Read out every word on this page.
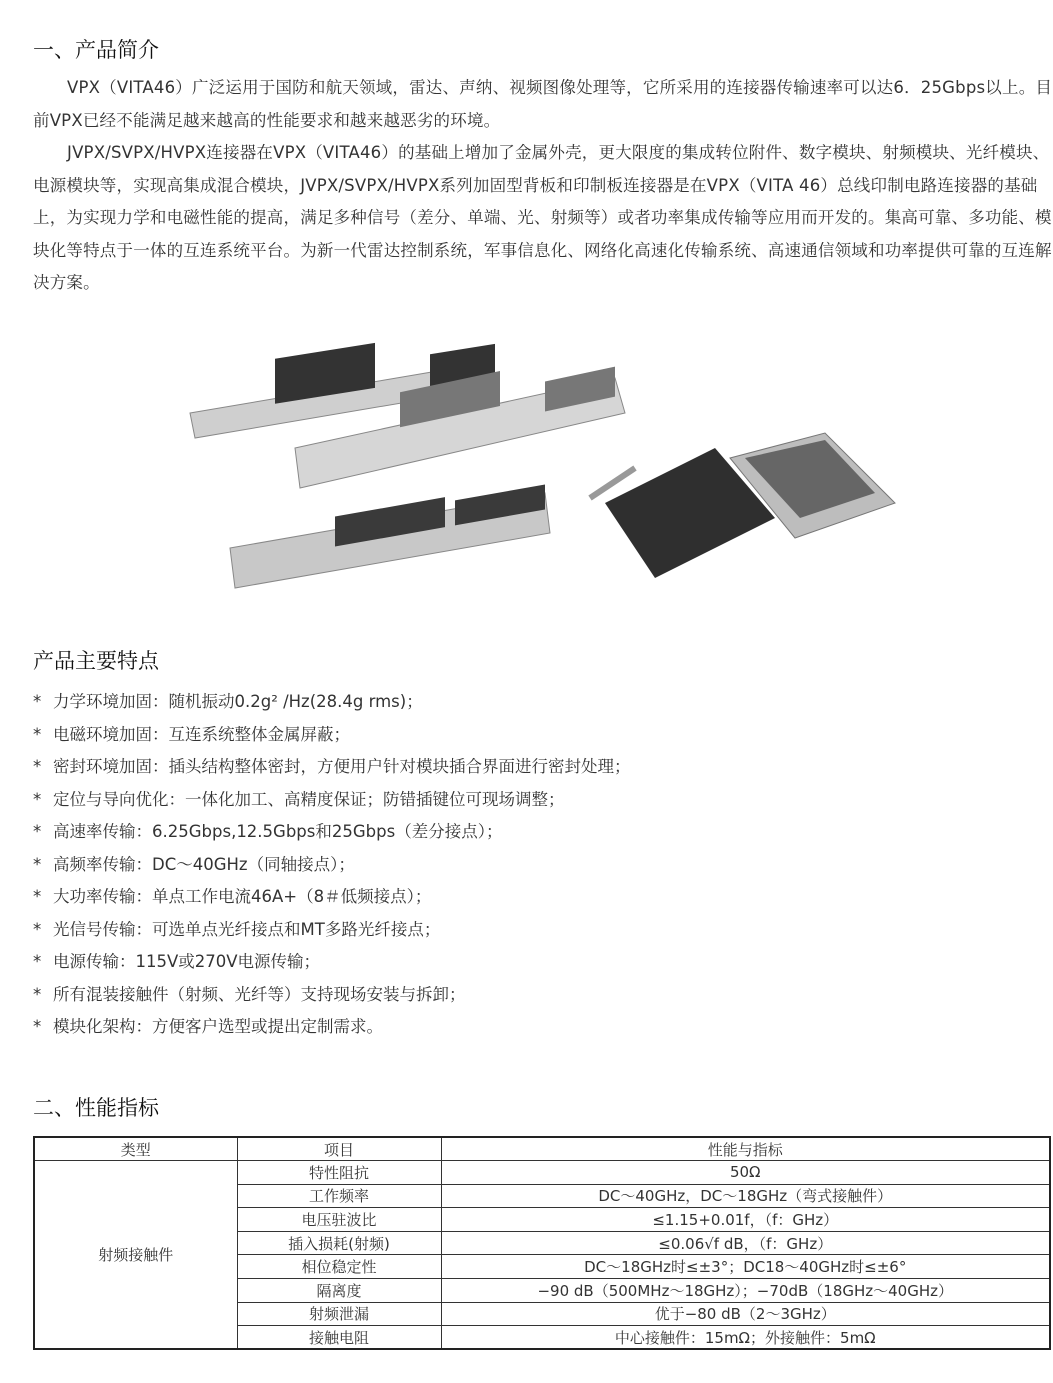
一、产品简介
VPX（VITA46）广泛运用于国防和航天领域，雷达、声纳、视频图像处理等，它所采用的连接器传输速率可以达6．25Gbps以上。目前VPX已经不能满足越来越高的性能要求和越来越恶劣的环境。
JVPX/SVPX/HVPX连接器在VPX（VITA46）的基础上增加了金属外壳，更大限度的集成转位附件、数字模块、射频模块、光纤模块、电源模块等，实现高集成混合模块，JVPX/SVPX/HVPX系列加固型背板和印制板连接器是在VPX（VITA 46）总线印制电路连接器的基础上，为实现力学和电磁性能的提高，满足多种信号（差分、单端、光、射频等）或者功率集成传输等应用而开发的。集高可靠、多功能、模块化等特点于一体的互连系统平台。为新一代雷达控制系统，军事信息化、网络化高速化传输系统、高速通信领域和功率提供可靠的互连解决方案。
产品主要特点
* 力学环境加固：随机振动0.2g² /Hz(28.4g rms)；
* 电磁环境加固：互连系统整体金属屏蔽；
* 密封环境加固：插头结构整体密封，方便用户针对模块插合界面进行密封处理；
* 定位与导向优化：一体化加工、高精度保证；防错插键位可现场调整；
* 高速率传输：6.25Gbps,12.5Gbps和25Gbps（差分接点）；
* 高频率传输：DC～40GHz（同轴接点）；
* 大功率传输：单点工作电流46A+（8＃低频接点）；
* 光信号传输：可选单点光纤接点和MT多路光纤接点；
* 电源传输：115V或270V电源传输；
* 所有混装接触件（射频、光纤等）支持现场安装与拆卸；
* 模块化架构：方便客户选型或提出定制需求。
二、性能指标
类型	项目	性能与指标
射频接触件	特性阻抗	50Ω
	工作频率	DC～40GHz，DC～18GHz（弯式接触件）
	电压驻波比	≤1.15+0.01f，（f：GHz）
	插入损耗(射频)	≤0.06√f dB，（f：GHz）
	相位稳定性	DC～18GHz时≤±3°；DC18～40GHz时≤±6°
	隔离度	−90 dB（500MHz～18GHz）；−70dB（18GHz～40GHz）
	射频泄漏	优于−80 dB（2～3GHz）
	接触电阻	中心接触件：15mΩ；外接触件：5mΩ
